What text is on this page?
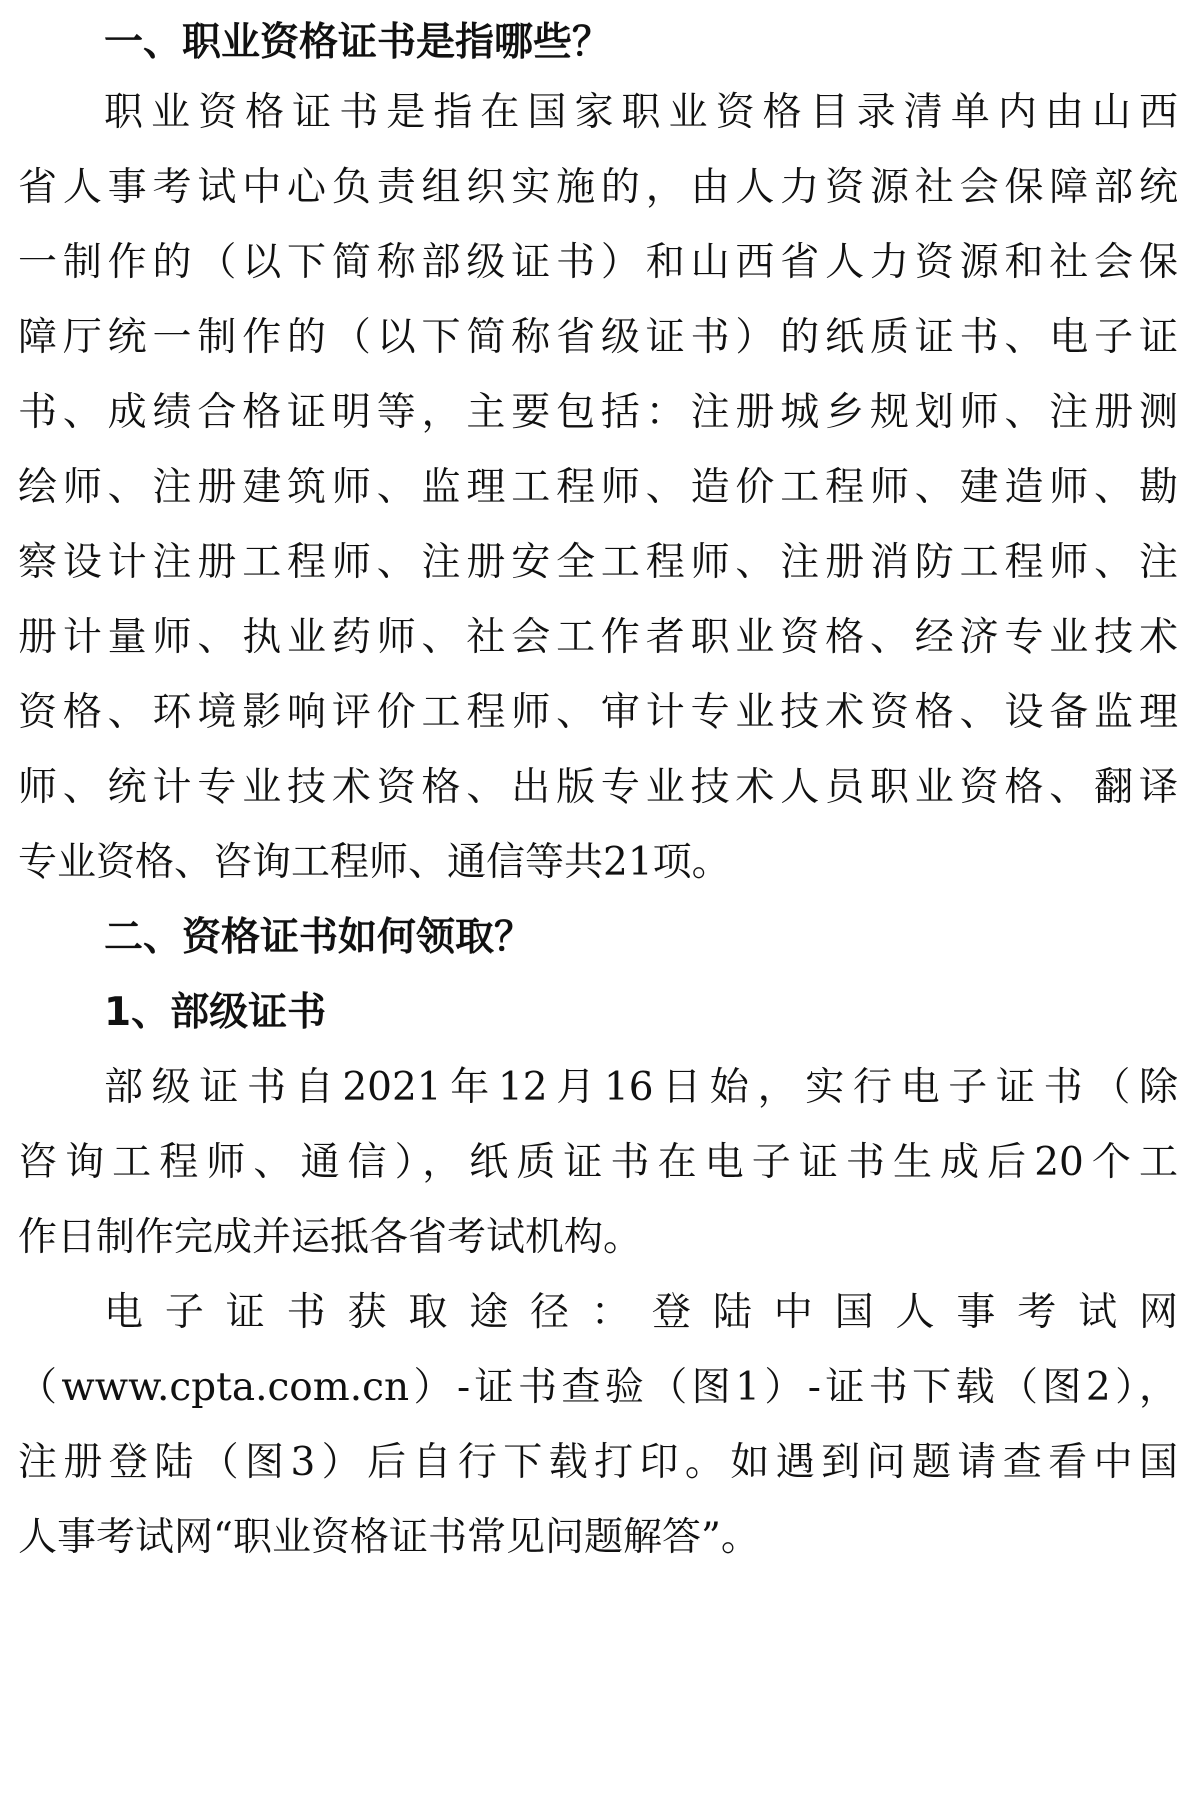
一、职业资格证书是指哪些？
职业资格证书是指在国家职业资格目录清单内由山西
省人事考试中心负责组织实施的，由人力资源社会保障部统
一制作的（以下简称部级证书）和山西省人力资源和社会保
障厅统一制作的（以下简称省级证书）的纸质证书、电子证
书、成绩合格证明等，主要包括：注册城乡规划师、注册测
绘师、注册建筑师、监理工程师、造价工程师、建造师、勘
察设计注册工程师、注册安全工程师、注册消防工程师、注
册计量师、执业药师、社会工作者职业资格、经济专业技术
资格、环境影响评价工程师、审计专业技术资格、设备监理
师、统计专业技术资格、出版专业技术人员职业资格、翻译
专业资格、咨询工程师、通信等共21项。
二、资格证书如何领取？
1、部级证书
部级证书自2021年12月16日始，实行电子证书（除
咨询工程师、通信），纸质证书在电子证书生成后20个工
作日制作完成并运抵各省考试机构。
电子证书获取途径：登陆中国人事考试网
（www.cpta.com.cn）-证书查验（图1）-证书下载（图2），
注册登陆（图3）后自行下载打印。如遇到问题请查看中国
人事考试网“职业资格证书常见问题解答”。
